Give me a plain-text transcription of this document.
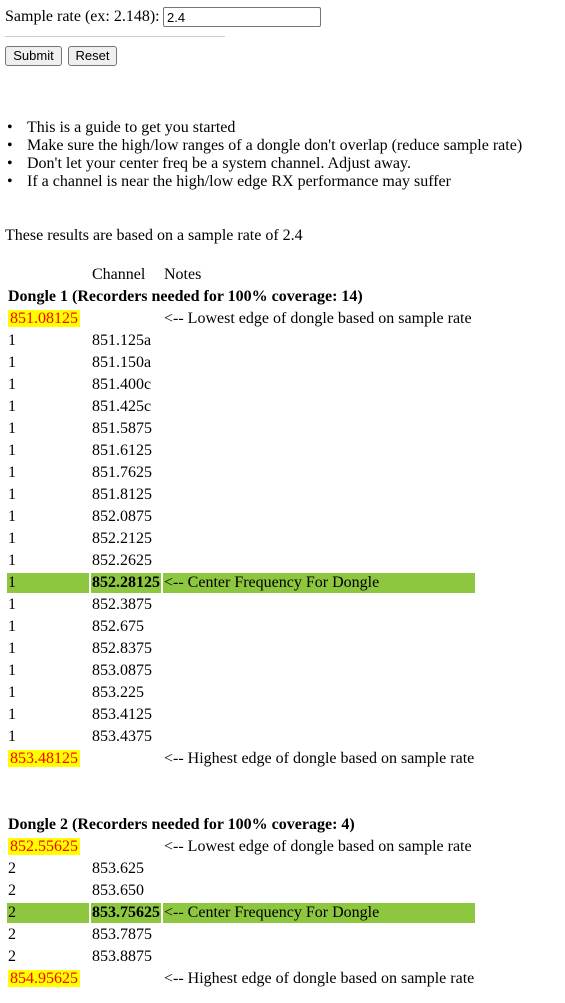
Sample rate (ex: 2.148):
2.4
Submit	Reset
• This is a guide to get you started
• Make sure the high/low ranges of a dongle don't overlap (reduce sample rate)
• Don't let your center freq be a system channel. Adjust away.
• If a channel is near the high/low edge RX performance may suffer
These results are based on a sample rate of 2.4
	Channel	Notes
Dongle 1 (Recorders needed for 100% coverage: 14)		
851.08125		<-- Lowest edge of dongle based on sample rate
1	851.125a	
1	851.150a	
1	851.400c	
1	851.425c	
1	851.5875	
1	851.6125	
1	851.7625	
1	851.8125	
1	852.0875	
1	852.2125	
1	852.2625	
1	852.28125	<-- Center Frequency For Dongle
1	852.3875	
1	852.675	
1	852.8375	
1	853.0875	
1	853.225	
1	853.4125	
1	853.4375	
853.48125		<-- Highest edge of dongle based on sample rate

Dongle 2 (Recorders needed for 100% coverage: 4)		
852.55625		<-- Lowest edge of dongle based on sample rate
2	853.625	
2	853.650	
2	853.75625	<-- Center Frequency For Dongle
2	853.7875	
2	853.8875	
854.95625		<-- Highest edge of dongle based on sample rate
